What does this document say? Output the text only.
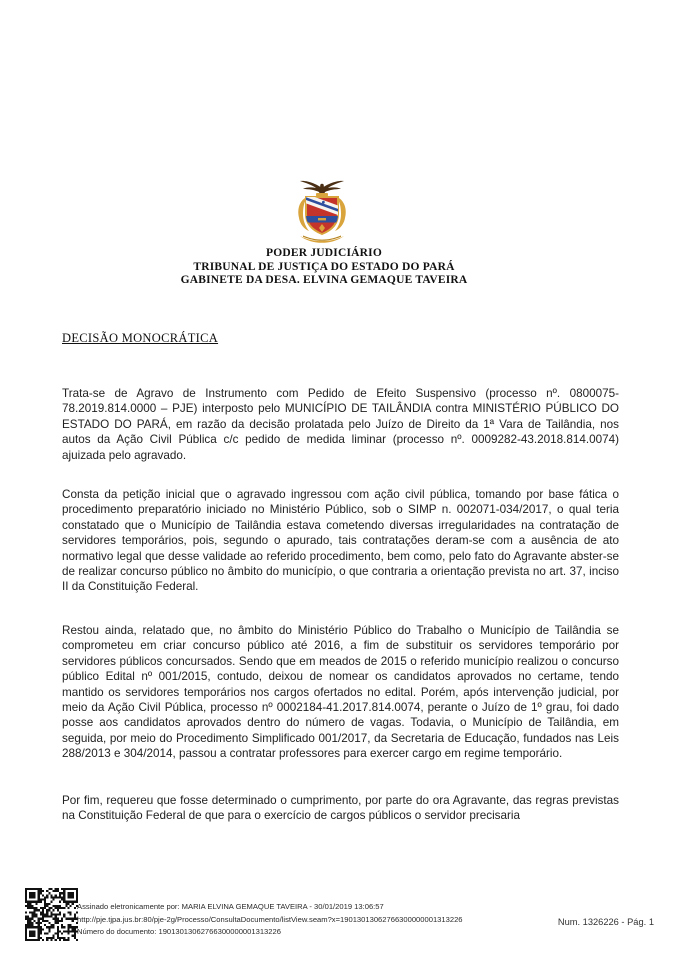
PODER JUDICIÁRIO
TRIBUNAL DE JUSTIÇA DO ESTADO DO PARÁ
GABINETE DA DESA. ELVINA GEMAQUE TAVEIRA
DECISÃO MONOCRÁTICA
Trata-se de Agravo de Instrumento com Pedido de Efeito Suspensivo (processo nº. 0800075-78.2019.814.0000 – PJE) interposto pelo MUNICÍPIO DE TAILÂNDIA contra MINISTÉRIO PÚBLICO DO ESTADO DO PARÁ, em razão da decisão prolatada pelo Juízo de Direito da 1ª Vara de Tailândia, nos autos da Ação Civil Pública c/c pedido de medida liminar (processo nº. 0009282-43.2018.814.0074) ajuizada pelo agravado.
Consta da petição inicial que o agravado ingressou com ação civil pública, tomando por base fática o procedimento preparatório iniciado no Ministério Público, sob o SIMP n. 002071-034/2017, o qual teria constatado que o Município de Tailândia estava cometendo diversas irregularidades na contratação de servidores temporários, pois, segundo o apurado, tais contratações deram-se com a ausência de ato normativo legal que desse validade ao referido procedimento, bem como, pelo fato do Agravante abster-se de realizar concurso público no âmbito do município, o que contraria a orientação prevista no art. 37, inciso II da Constituição Federal.
Restou ainda, relatado que, no âmbito do Ministério Público do Trabalho o Município de Tailândia se comprometeu em criar concurso público até 2016, a fim de substituir os servidores temporário por servidores públicos concursados. Sendo que em meados de 2015 o referido município realizou o concurso público Edital nº 001/2015, contudo, deixou de nomear os candidatos aprovados no certame, tendo mantido os servidores temporários nos cargos ofertados no edital. Porém, após intervenção judicial, por meio da Ação Civil Pública, processo nº 0002184-41.2017.814.0074, perante o Juízo de 1º grau, foi dado posse aos candidatos aprovados dentro do número de vagas. Todavia, o Município de Tailândia, em seguida, por meio do Procedimento Simplificado 001/2017, da Secretaria de Educação, fundados nas Leis 288/2013 e 304/2014, passou a contratar professores para exercer cargo em regime temporário.
Por fim, requereu que fosse determinado o cumprimento, por parte do ora Agravante, das regras previstas na Constituição Federal de que para o exercício de cargos públicos o servidor precisaria
Assinado eletronicamente por: MARIA ELVINA GEMAQUE TAVEIRA - 30/01/2019 13:06:57
http://pje.tjpa.jus.br:80/pje-2g/Processo/ConsultaDocumento/listView.seam?x=19013013062766300000001313226
Número do documento: 19013013062766300000001313226
Num. 1326226 - Pág. 1
